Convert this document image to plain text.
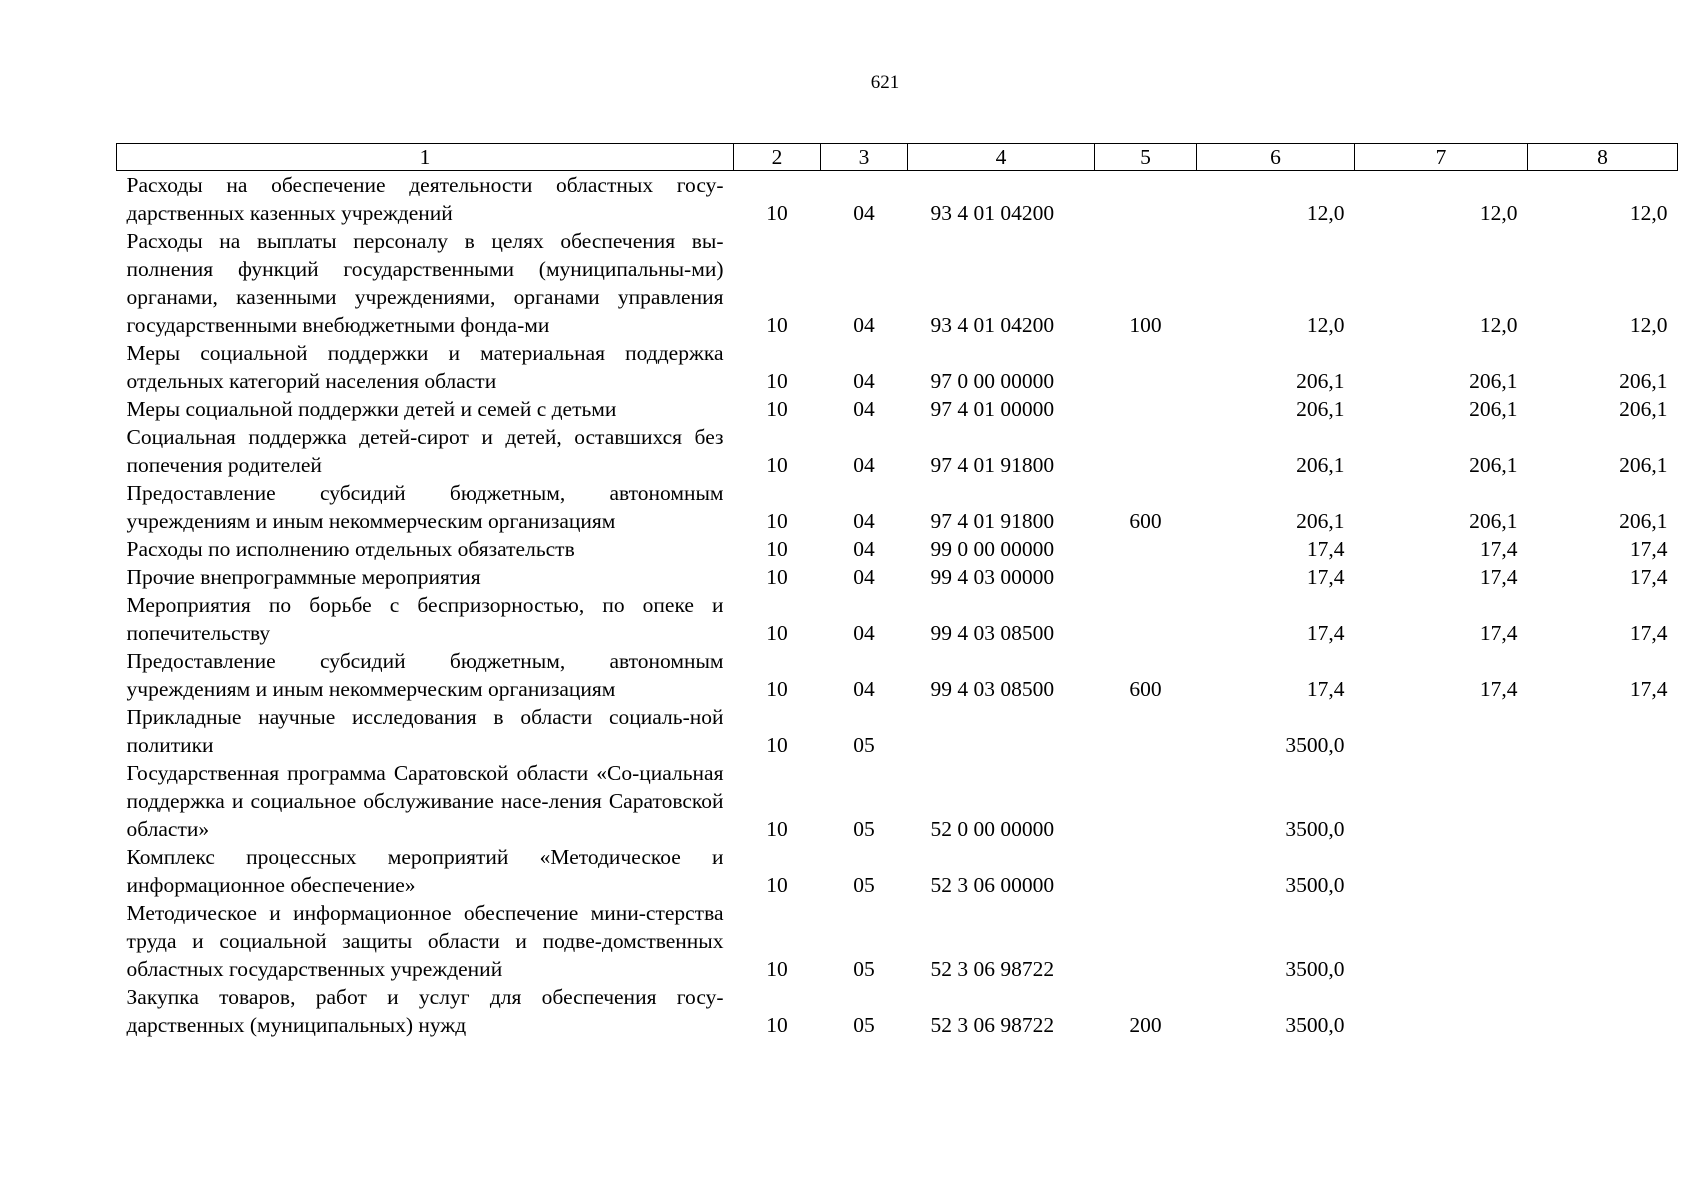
621
1	2	3	4	5	6	7	8
Расходы на обеспечение деятельности областных госу-дарственных казенных учреждений	10	04	93 4 01 04200		12,0	12,0	12,0
Расходы на выплаты персоналу в целях обеспечения вы-полнения функций государственными (муниципальны-ми) органами, казенными учреждениями, органами управления государственными внебюджетными фонда-ми	10	04	93 4 01 04200	100	12,0	12,0	12,0
Меры социальной поддержки и материальная поддержка отдельных категорий населения области	10	04	97 0 00 00000		206,1	206,1	206,1
Меры социальной поддержки детей и семей с детьми	10	04	97 4 01 00000		206,1	206,1	206,1
Социальная поддержка детей-сирот и детей, оставшихся без попечения родителей	10	04	97 4 01 91800		206,1	206,1	206,1
Предоставление субсидий бюджетным, автономным учреждениям и иным некоммерческим организациям	10	04	97 4 01 91800	600	206,1	206,1	206,1
Расходы по исполнению отдельных обязательств	10	04	99 0 00 00000		17,4	17,4	17,4
Прочие внепрограммные мероприятия	10	04	99 4 03 00000		17,4	17,4	17,4
Мероприятия по борьбе с беспризорностью, по опеке и попечительству	10	04	99 4 03 08500		17,4	17,4	17,4
Предоставление субсидий бюджетным, автономным учреждениям и иным некоммерческим организациям	10	04	99 4 03 08500	600	17,4	17,4	17,4
Прикладные научные исследования в области социаль-ной политики	10	05			3500,0		
Государственная программа Саратовской области «Со-циальная поддержка и социальное обслуживание насе-ления Саратовской области»	10	05	52 0 00 00000		3500,0		
Комплекс процессных мероприятий «Методическое и информационное обеспечение»	10	05	52 3 06 00000		3500,0		
Методическое и информационное обеспечение мини-стерства труда и социальной защиты области и подве-домственных областных государственных учреждений	10	05	52 3 06 98722		3500,0		
Закупка товаров, работ и услуг для обеспечения госу-дарственных (муниципальных) нужд	10	05	52 3 06 98722	200	3500,0		
